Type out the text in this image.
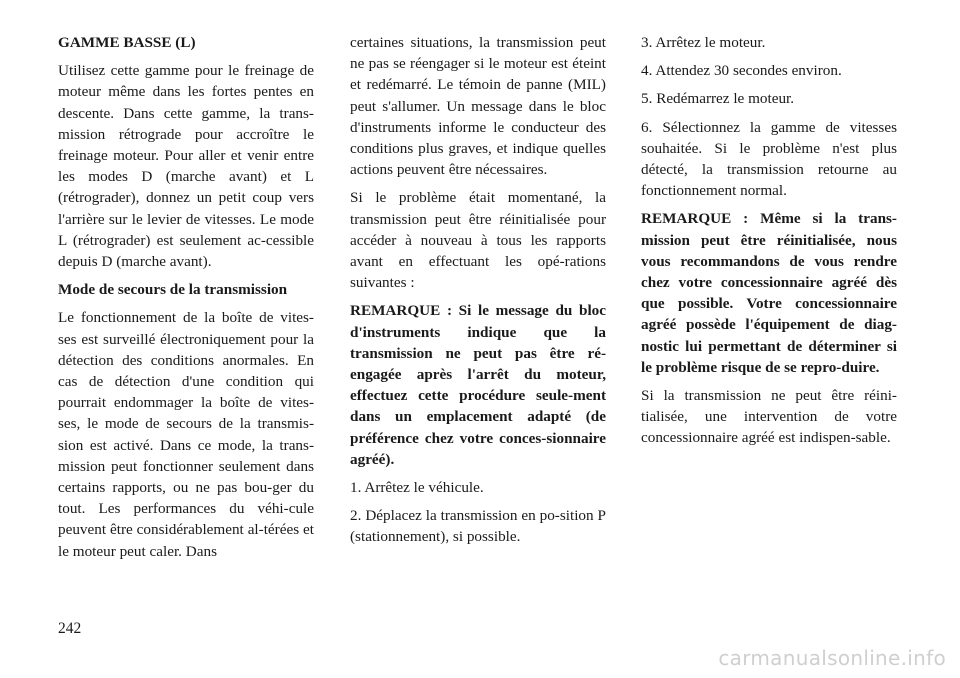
GAMME BASSE (L)

Utilisez cette gamme pour le freinage de moteur même dans les fortes pentes en descente. Dans cette gamme, la trans-mission rétrograde pour accroître le freinage moteur. Pour aller et venir entre les modes D (marche avant) et L (rétrograder), donnez un petit coup vers l'arrière sur le levier de vitesses. Le mode L (rétrograder) est seulement ac-cessible depuis D (marche avant).

Mode de secours de la transmission

Le fonctionnement de la boîte de vites-ses est surveillé électroniquement pour la détection des conditions anormales. En cas de détection d'une condition qui pourrait endommager la boîte de vites-ses, le mode de secours de la transmis-sion est activé. Dans ce mode, la trans-mission peut fonctionner seulement dans certains rapports, ou ne pas bou-ger du tout. Les performances du véhi-cule peuvent être considérablement al-térées et le moteur peut caler. Dans

certaines situations, la transmission peut ne pas se réengager si le moteur est éteint et redémarré. Le témoin de panne (MIL) peut s'allumer. Un message dans le bloc d'instruments informe le conducteur des conditions plus graves, et indique quelles actions peuvent être nécessaires.

Si le problème était momentané, la transmission peut être réinitialisée pour accéder à nouveau à tous les rapports avant en effectuant les opé-rations suivantes :

REMARQUE : Si le message du bloc d'instruments indique que la transmission ne peut pas être ré-engagée après l'arrêt du moteur, effectuez cette procédure seule-ment dans un emplacement adapté (de préférence chez votre conces-sionnaire agréé).

1. Arrêtez le véhicule.

2. Déplacez la transmission en po-sition P (stationnement), si possible.

3. Arrêtez le moteur.

4. Attendez 30 secondes environ.

5. Redémarrez le moteur.

6. Sélectionnez la gamme de vitesses souhaitée. Si le problème n'est plus détecté, la transmission retourne au fonctionnement normal.

REMARQUE : Même si la trans-mission peut être réinitialisée, nous vous recommandons de vous rendre chez votre concessionnaire agréé dès que possible. Votre concessionnaire agréé possède l'équipement de diag-nostic lui permettant de déterminer si le problème risque de se repro-duire.

Si la transmission ne peut être réini-tialisée, une intervention de votre concessionnaire agréé est indispen-sable.

242
carmanualsonline.info
